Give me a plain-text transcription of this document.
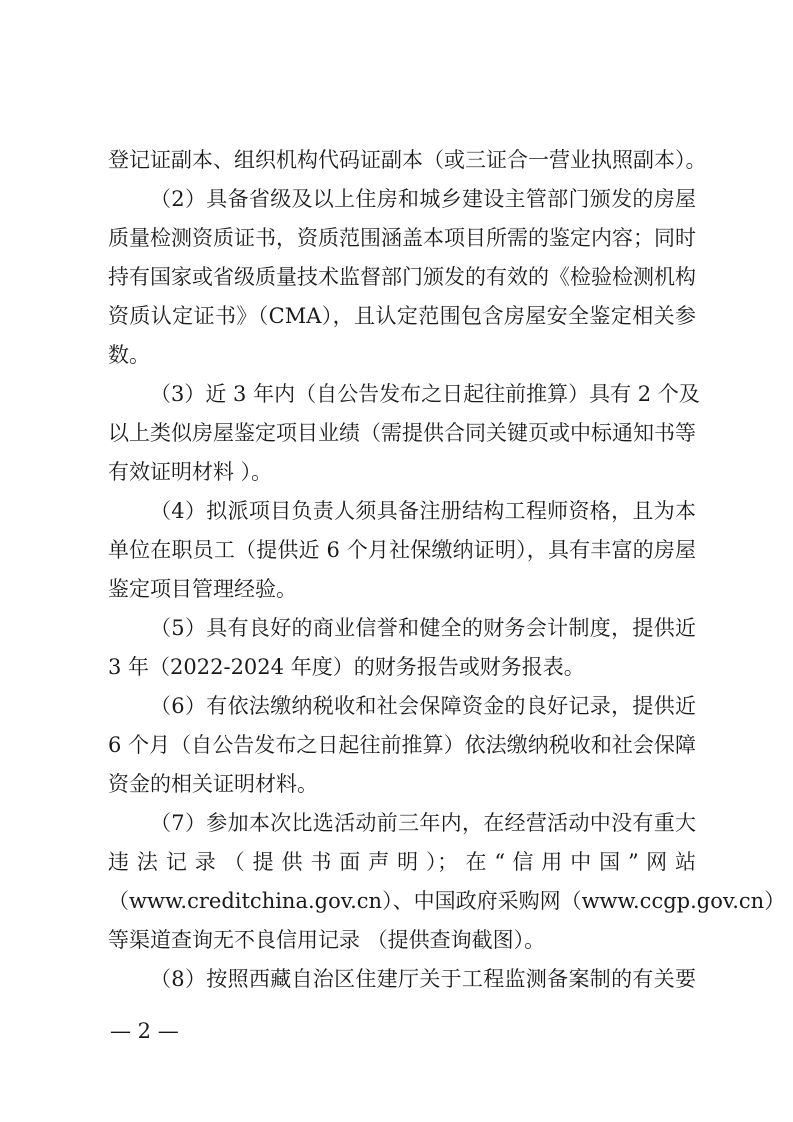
登记证副本、组织机构代码证副本（或三证合一营业执照副本）。
（2）具备省级及以上住房和城乡建设主管部门颁发的房屋
质量检测资质证书，资质范围涵盖本项目所需的鉴定内容；同时
持有国家或省级质量技术监督部门颁发的有效的《检验检测机构
资质认定证书》（CMA），且认定范围包含房屋安全鉴定相关参
数。
（3）近 3 年内（自公告发布之日起往前推算）具有 2 个及
以上类似房屋鉴定项目业绩（需提供合同关键页或中标通知书等
有效证明材料 ）。
（4）拟派项目负责人须具备注册结构工程师资格，且为本
单位在职员工（提供近 6 个月社保缴纳证明），具有丰富的房屋
鉴定项目管理经验。
（5）具有良好的商业信誉和健全的财务会计制度，提供近
3 年（2022-2024 年度）的财务报告或财务报表。
（6）有依法缴纳税收和社会保障资金的良好记录，提供近
6 个月（自公告发布之日起往前推算）依法缴纳税收和社会保障
资金的相关证明材料。
（7）参加本次比选活动前三年内，在经营活动中没有重大
违 法 记 录 （ 提 供 书 面 声 明 ）； 在 “ 信 用 中 国 ” 网 站
（www.creditchina.gov.cn）、中国政府采购网（www.ccgp.gov.cn）
等渠道查询无不良信用记录 （提供查询截图）。
（8）按照西藏自治区住建厅关于工程监测备案制的有关要
— 2 —
